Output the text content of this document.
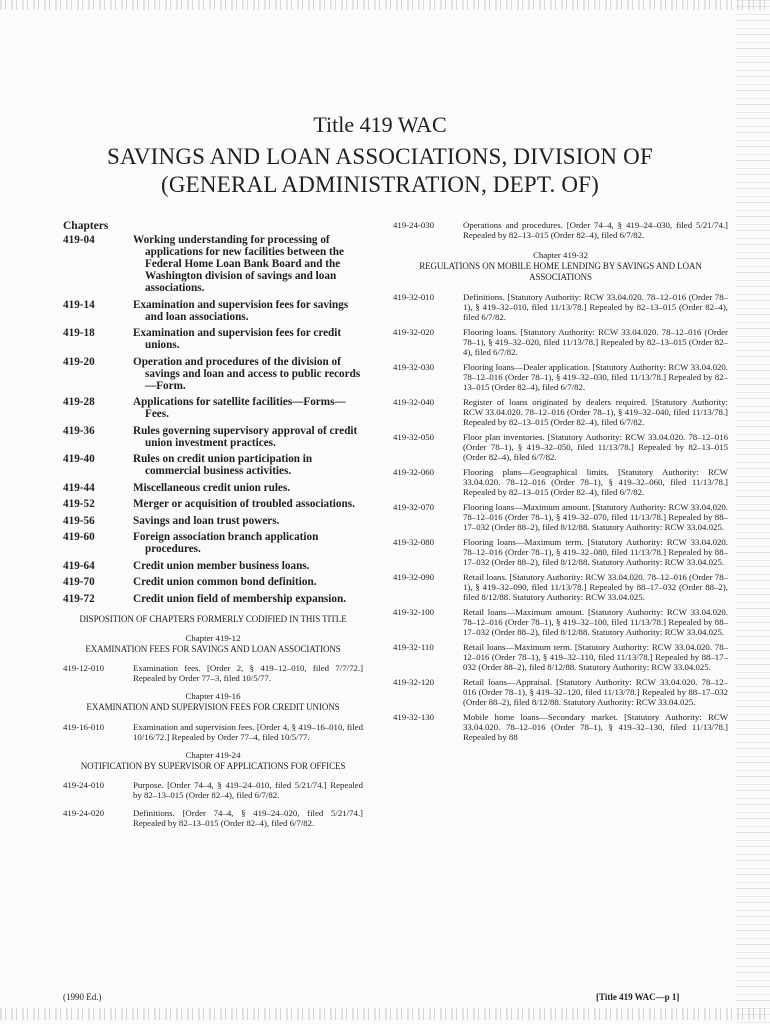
Title 419 WAC
SAVINGS AND LOAN ASSOCIATIONS, DIVISION OF
(GENERAL ADMINISTRATION, DEPT. OF)
Chapters
419-04	Working understanding for processing of applications for new facilities between the Federal Home Loan Bank Board and the Washington division of savings and loan associations.
419-14	Examination and supervision fees for savings and loan associations.
419-18	Examination and supervision fees for credit unions.
419-20	Operation and procedures of the division of savings and loan and access to public records—Form.
419-28	Applications for satellite facilities—Forms—Fees.
419-36	Rules governing supervisory approval of credit union investment practices.
419-40	Rules on credit union participation in commercial business activities.
419-44	Miscellaneous credit union rules.
419-52	Merger or acquisition of troubled associations.
419-56	Savings and loan trust powers.
419-60	Foreign association branch application procedures.
419-64	Credit union member business loans.
419-70	Credit union common bond definition.
419-72	Credit union field of membership expansion.
DISPOSITION OF CHAPTERS FORMERLY CODIFIED IN THIS TITLE
Chapter 419-12
EXAMINATION FEES FOR SAVINGS AND LOAN ASSOCIATIONS
419-12-010	Examination fees. [Order 2, § 419–12–010, filed 7/7/72.] Repealed by Order 77–3, filed 10/5/77.
Chapter 419-16
EXAMINATION AND SUPERVISION FEES FOR CREDIT UNIONS
419-16-010	Examination and supervision fees. [Order 4, § 419–16–010, filed 10/16/72.] Repealed by Order 77–4, filed 10/5/77.
Chapter 419-24
NOTIFICATION BY SUPERVISOR OF APPLICATIONS FOR OFFICES
419-24-010	Purpose. [Order 74–4, § 419–24–010, filed 5/21/74.] Repealed by 82–13–015 (Order 82–4), filed 6/7/82.
419-24-020	Definitions. [Order 74–4, § 419–24–020, filed 5/21/74.] Repealed by 82–13–015 (Order 82–4), filed 6/7/82.
419-24-030	Operations and procedures. [Order 74–4, § 419–24–030, filed 5/21/74.] Repealed by 82–13–015 (Order 82–4), filed 6/7/82.
Chapter 419-32
REGULATIONS ON MOBILE HOME LENDING BY SAVINGS AND LOAN ASSOCIATIONS
419-32-010	Definitions. [Statutory Authority: RCW 33.04.020. 78–12–016 (Order 78–1), § 419–32–010, filed 11/13/78.] Repealed by 82–13–015 (Order 82–4), filed 6/7/82.
419-32-020	Flooring loans. [Statutory Authority: RCW 33.04.020. 78–12–016 (Order 78–1), § 419–32–020, filed 11/13/78.] Repealed by 82–13–015 (Order 82–4), filed 6/7/82.
419-32-030	Flooring loans—Dealer application. [Statutory Authority: RCW 33.04.020. 78–12–016 (Order 78–1), § 419–32–030, filed 11/13/78.] Repealed by 82–13–015 (Order 82–4), filed 6/7/82.
419-32-040	Register of loans originated by dealers required. [Statutory Authority: RCW 33.04.020. 78–12–016 (Order 78–1), § 419–32–040, filed 11/13/78.] Repealed by 82–13–015 (Order 82–4), filed 6/7/82.
419-32-050	Floor plan inventories. [Statutory Authority: RCW 33.04.020. 78–12–016 (Order 78–1), § 419–32–050, filed 11/13/78.] Repealed by 82–13–015 (Order 82–4), filed 6/7/82.
419-32-060	Flooring plans—Geographical limits. [Statutory Authority: RCW 33.04.020. 78–12–016 (Order 78–1), § 419–32–060, filed 11/13/78.] Repealed by 82–13–015 (Order 82–4), filed 6/7/82.
419-32-070	Flooring loans—Maximum amount. [Statutory Authority: RCW 33.04.020. 78–12–016 (Order 78–1), § 419–32–070, filed 11/13/78.] Repealed by 88–17–032 (Order 88–2), filed 8/12/88. Statutory Authority: RCW 33.04.025.
419-32-080	Flooring loans—Maximum term. [Statutory Authority: RCW 33.04.020. 78–12–016 (Order 78–1), § 419–32–080, filed 11/13/78.] Repealed by 88–17–032 (Order 88–2), filed 8/12/88. Statutory Authority: RCW 33.04.025.
419-32-090	Retail loans. [Statutory Authority: RCW 33.04.020. 78–12–016 (Order 78–1), § 419–32–090, filed 11/13/78.] Repealed by 88–17–032 (Order 88–2), filed 8/12/88. Statutory Authority: RCW 33.04.025.
419-32-100	Retail loans—Maximum amount. [Statutory Authority: RCW 33.04.020. 78–12–016 (Order 78–1), § 419–32–100, filed 11/13/78.] Repealed by 88–17–032 (Order 88–2), filed 8/12/88. Statutory Authority: RCW 33.04.025.
419-32-110	Retail loans—Maximum term. [Statutory Authority: RCW 33.04.020. 78–12–016 (Order 78–1), § 419–32–110, filed 11/13/78.] Repealed by 88–17–032 (Order 88–2), filed 8/12/88. Statutory Authority: RCW 33.04.025.
419-32-120	Retail loans—Appraisal. [Statutory Authority: RCW 33.04.020. 78–12–016 (Order 78–1), § 419–32–120, filed 11/13/78.] Repealed by 88–17–032 (Order 88–2), filed 8/12/88. Statutory Authority: RCW 33.04.025.
419-32-130	Mobile home loans—Secondary market. [Statutory Authority: RCW 33.04.020. 78–12–016 (Order 78–1), § 419–32–130, filed 11/13/78.] Repealed by 88
(1990 Ed.)	[Title 419 WAC—p 1]
